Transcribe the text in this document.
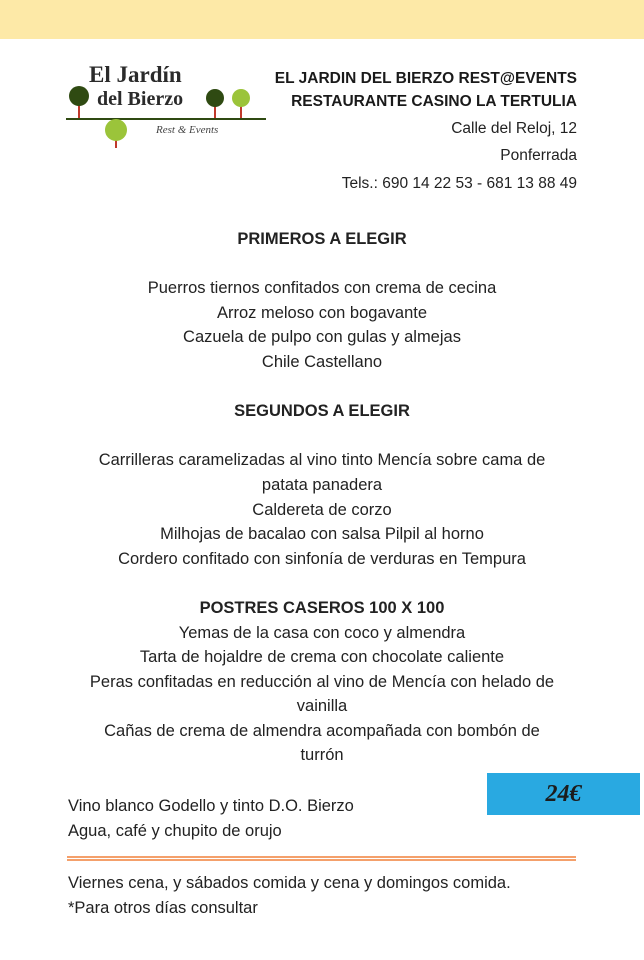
El Jardín
del Bierzo
Rest & Events
EL JARDIN DEL BIERZO REST@EVENTS
RESTAURANTE CASINO LA TERTULIA
Calle del Reloj, 12
Ponferrada
Tels.: 690 14 22 53 - 681 13 88 49
PRIMEROS A ELEGIR
Puerros tiernos confitados con crema de cecina
Arroz meloso con bogavante
Cazuela de pulpo con gulas y almejas
Chile Castellano
SEGUNDOS A ELEGIR
Carrilleras caramelizadas al vino tinto Mencía sobre cama de
patata panadera
Caldereta de corzo
Milhojas de bacalao con salsa Pilpil al horno
Cordero confitado con sinfonía de verduras en Tempura
POSTRES CASEROS 100 X 100
Yemas de la casa con coco y almendra
Tarta de hojaldre de crema con chocolate caliente
Peras confitadas en reducción al vino de Mencía con helado de
vainilla
Cañas de crema de almendra acompañada con bombón de
turrón
24€
Vino blanco Godello y tinto D.O. Bierzo
Agua, café y chupito de orujo
Viernes cena, y sábados comida y cena y domingos comida.
*Para otros días consultar
